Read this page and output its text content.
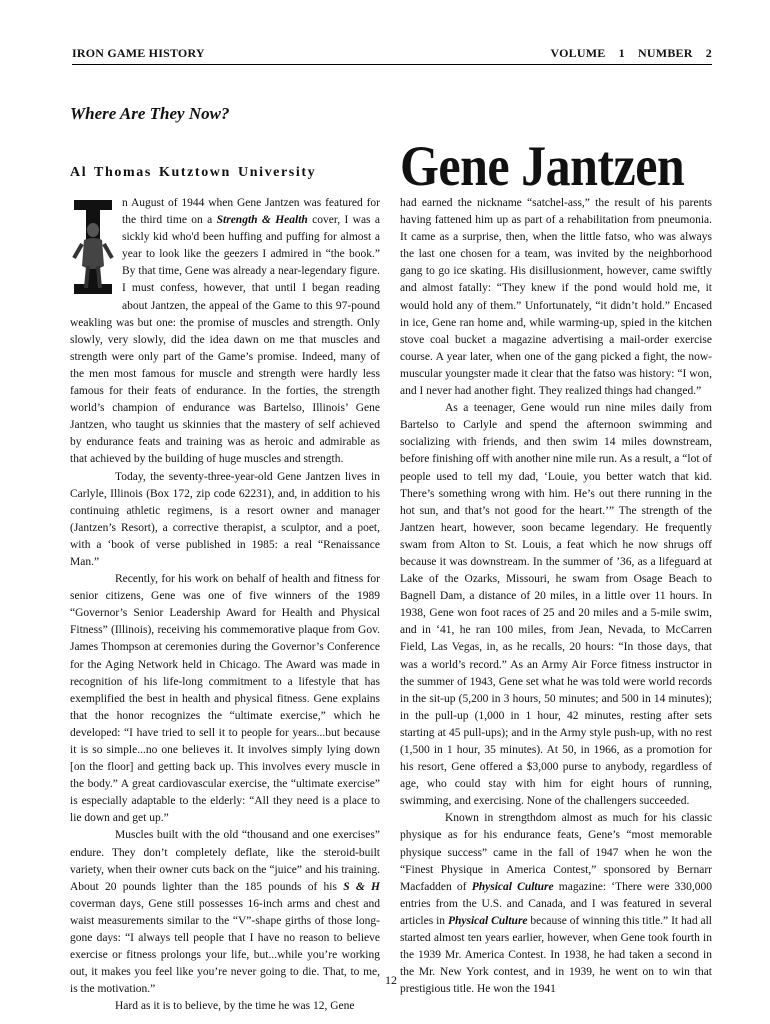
IRON GAME HISTORY	VOLUME 1 NUMBER 2
Where Are They Now?
Al Thomas Kutztown University Gene Jantzen

n August of 1944 when Gene Jantzen was featured for the third time on a Strength & Health cover, I was a sickly kid who'd been huffing and puffing for almost a year to look like the geezers I admired in “the book.” By that time, Gene was already a near-legendary figure. I must confess, however, that until I began reading about Jantzen, the appeal of the Game to this 97-pound weakling was but one: the promise of muscles and strength. Only slowly, very slowly, did the idea dawn on me that muscles and strength were only part of the Game’s promise. Indeed, many of the men most famous for muscle and strength were hardly less famous for their feats of endurance. In the forties, the strength world’s champion of endurance was Bartelso, Illinois’ Gene Jantzen, who taught us skinnies that the mastery of self achieved by endurance feats and training was as heroic and admirable as that achieved by the building of huge muscles and strength.

Today, the seventy-three-year-old Gene Jantzen lives in Carlyle, Illinois (Box 172, zip code 62231), and, in addition to his continuing athletic regimens, is a resort owner and manager (Jantzen’s Resort), a corrective therapist, a sculptor, and a poet, with a ‘book of verse published in 1985: a real “Renaissance Man.”

Recently, for his work on behalf of health and fitness for senior citizens, Gene was one of five winners of the 1989 “Governor’s Senior Leadership Award for Health and Physical Fitness” (Illinois), receiving his commemorative plaque from Gov. James Thompson at ceremonies during the Governor’s Conference for the Aging Network held in Chicago. The Award was made in recognition of his life-long commitment to a lifestyle that has exemplified the best in health and physical fitness. Gene explains that the honor recognizes the “ultimate exercise,” which he developed: “I have tried to sell it to people for years...but because it is so simple...no one believes it. It involves simply lying down [on the floor] and getting back up. This involves every muscle in the body.” A great cardiovascular exercise, the “ultimate exercise” is especially adaptable to the elderly: “All they need is a place to lie down and get up.”

Muscles built with the old “thousand and one exercises” endure. They don’t completely deflate, like the steroid-built variety, when their owner cuts back on the “juice” and his training. About 20 pounds lighter than the 185 pounds of his S & H coverman days, Gene still possesses 16-inch arms and chest and waist measurements similar to the “V”-shape girths of those long-gone days: “I always tell people that I have no reason to believe exercise or fitness prolongs your life, but...while you’re working out, it makes you feel like you’re never going to die. That, to me, is the motivation.”

Hard as it is to believe, by the time he was 12, Gene

had earned the nickname “satchel-ass,” the result of his parents having fattened him up as part of a rehabilitation from pneumonia. It came as a surprise, then, when the little fatso, who was always the last one chosen for a team, was invited by the neighborhood gang to go ice skating. His disillusionment, however, came swiftly and almost fatally: “They knew if the pond would hold me, it would hold any of them.” Unfortunately, “it didn’t hold.” Encased in ice, Gene ran home and, while warming-up, spied in the kitchen stove coal bucket a magazine advertising a mail-order exercise course. A year later, when one of the gang picked a fight, the now-muscular youngster made it clear that the fatso was history: “I won, and I never had another fight. They realized things had changed.”

As a teenager, Gene would run nine miles daily from Bartelso to Carlyle and spend the afternoon swimming and socializing with friends, and then swim 14 miles downstream, before finishing off with another nine mile run. As a result, a “lot of people used to tell my dad, ‘Louie, you better watch that kid. There’s something wrong with him. He’s out there running in the hot sun, and that’s not good for the heart.’” The strength of the Jantzen heart, however, soon became legendary. He frequently swam from Alton to St. Louis, a feat which he now shrugs off because it was downstream. In the summer of ’36, as a lifeguard at Lake of the Ozarks, Missouri, he swam from Osage Beach to Bagnell Dam, a distance of 20 miles, in a little over 11 hours. In 1938, Gene won foot races of 25 and 20 miles and a 5-mile swim, and in ‘41, he ran 100 miles, from Jean, Nevada, to McCarren Field, Las Vegas, in, as he recalls, 20 hours: “In those days, that was a world’s record.” As an Army Air Force fitness instructor in the summer of 1943, Gene set what he was told were world records in the sit-up (5,200 in 3 hours, 50 minutes; and 500 in 14 minutes); in the pull-up (1,000 in 1 hour, 42 minutes, resting after sets starting at 45 pull-ups); and in the Army style push-up, with no rest (1,500 in 1 hour, 35 minutes). At 50, in 1966, as a promotion for his resort, Gene offered a $3,000 purse to anybody, regardless of age, who could stay with him for eight hours of running, swimming, and exercising. None of the challengers succeeded.

Known in strengthdom almost as much for his classic physique as for his endurance feats, Gene’s “most memorable physique success” came in the fall of 1947 when he won the “Finest Physique in America Contest,” sponsored by Bernarr Macfadden of Physical Culture magazine: ‘There were 330,000 entries from the U.S. and Canada, and I was featured in several articles in Physical Culture because of winning this title.” It had all started almost ten years earlier, however, when Gene took fourth in the 1939 Mr. America Contest. In 1938, he had taken a second in the Mr. New York contest, and in 1939, he went on to win that prestigious title. He won the 1941

12
